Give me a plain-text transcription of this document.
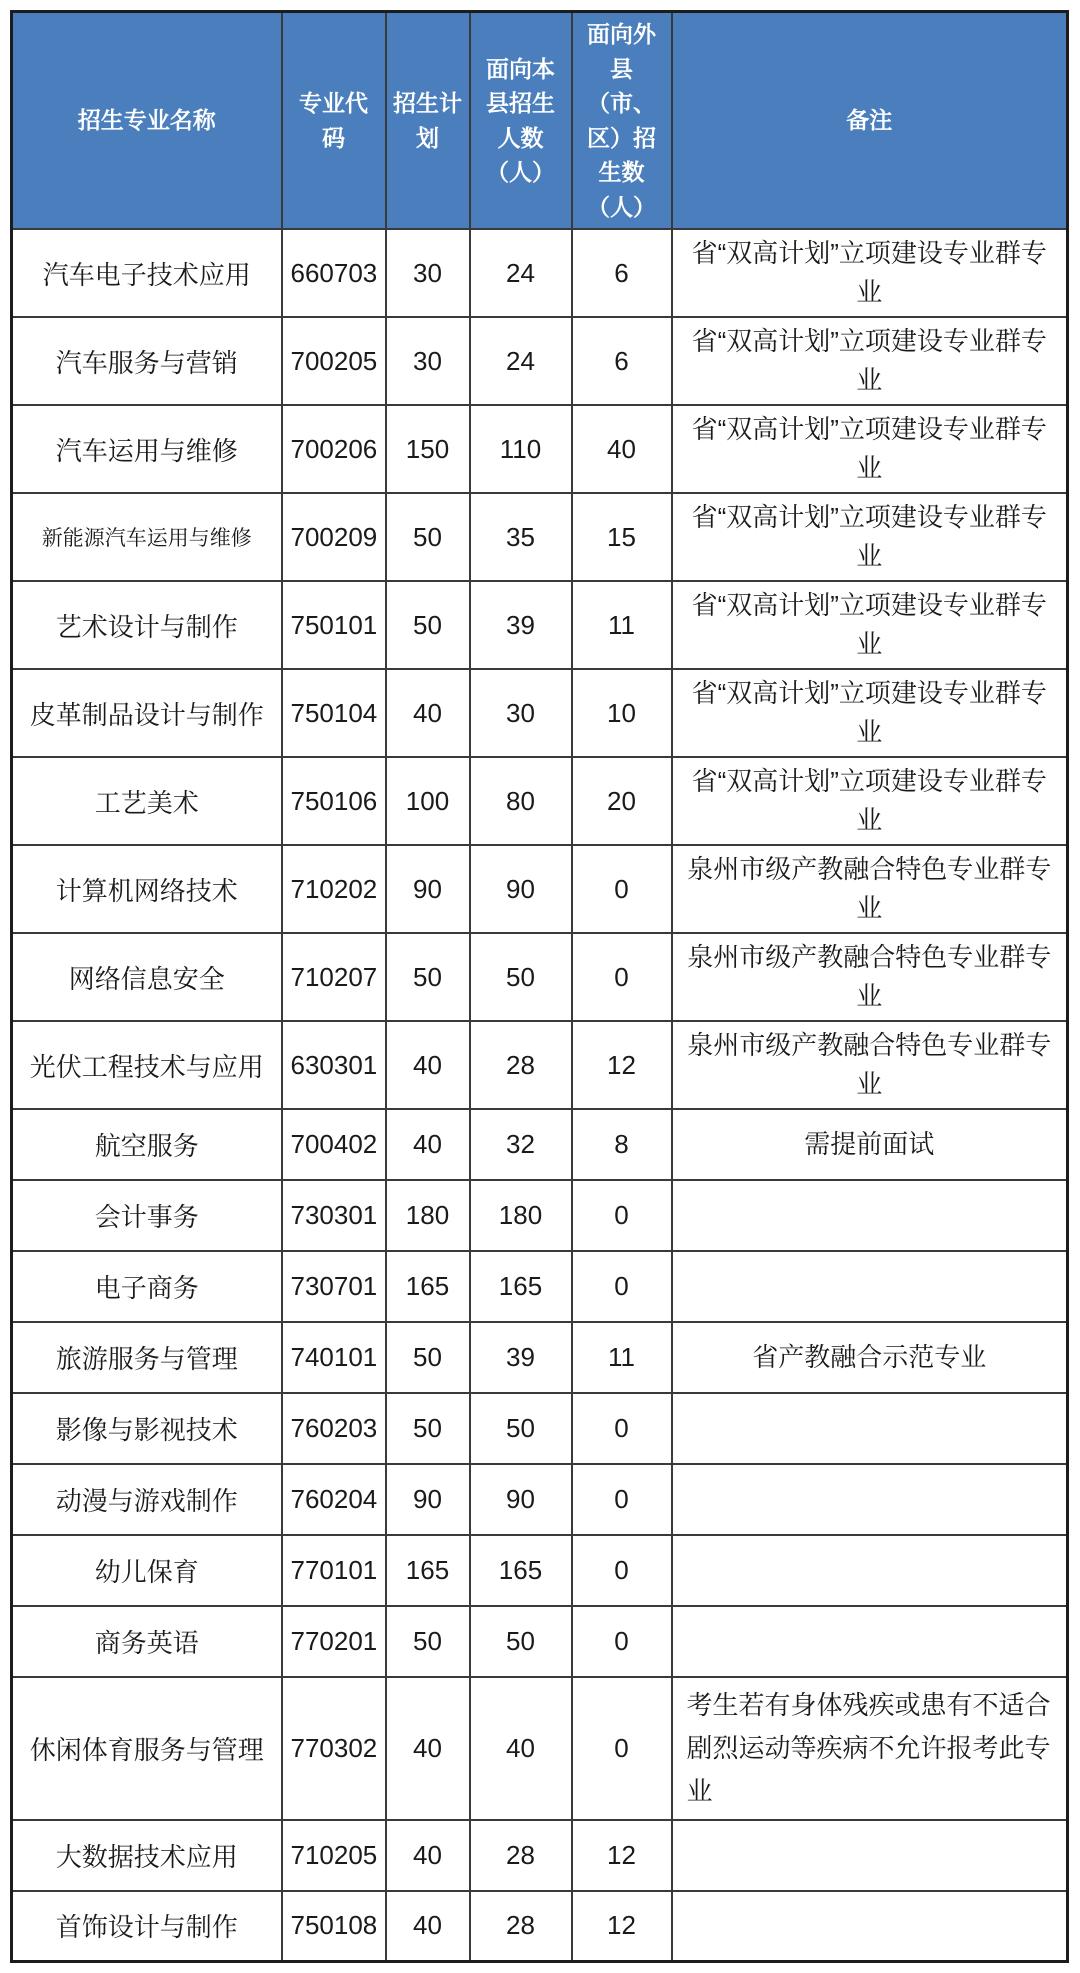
招生专业名称	专业代码	招生计划	面向本县招生人数（人）	面向外县（市、区）招生数（人）	备注
汽车电子技术应用	660703	30	24	6	省“双高计划”立项建设专业群专业
汽车服务与营销	700205	30	24	6	省“双高计划”立项建设专业群专业
汽车运用与维修	700206	150	110	40	省“双高计划”立项建设专业群专业
新能源汽车运用与维修	700209	50	35	15	省“双高计划”立项建设专业群专业
艺术设计与制作	750101	50	39	11	省“双高计划”立项建设专业群专业
皮革制品设计与制作	750104	40	30	10	省“双高计划”立项建设专业群专业
工艺美术	750106	100	80	20	省“双高计划”立项建设专业群专业
计算机网络技术	710202	90	90	0	泉州市级产教融合特色专业群专业
网络信息安全	710207	50	50	0	泉州市级产教融合特色专业群专业
光伏工程技术与应用	630301	40	28	12	泉州市级产教融合特色专业群专业
航空服务	700402	40	32	8	需提前面试
会计事务	730301	180	180	0	
电子商务	730701	165	165	0	
旅游服务与管理	740101	50	39	11	省产教融合示范专业
影像与影视技术	760203	50	50	0	
动漫与游戏制作	760204	90	90	0	
幼儿保育	770101	165	165	0	
商务英语	770201	50	50	0	
休闲体育服务与管理	770302	40	40	0	考生若有身体残疾或患有不适合剧烈运动等疾病不允许报考此专业
大数据技术应用	710205	40	28	12	
首饰设计与制作	750108	40	28	12	
